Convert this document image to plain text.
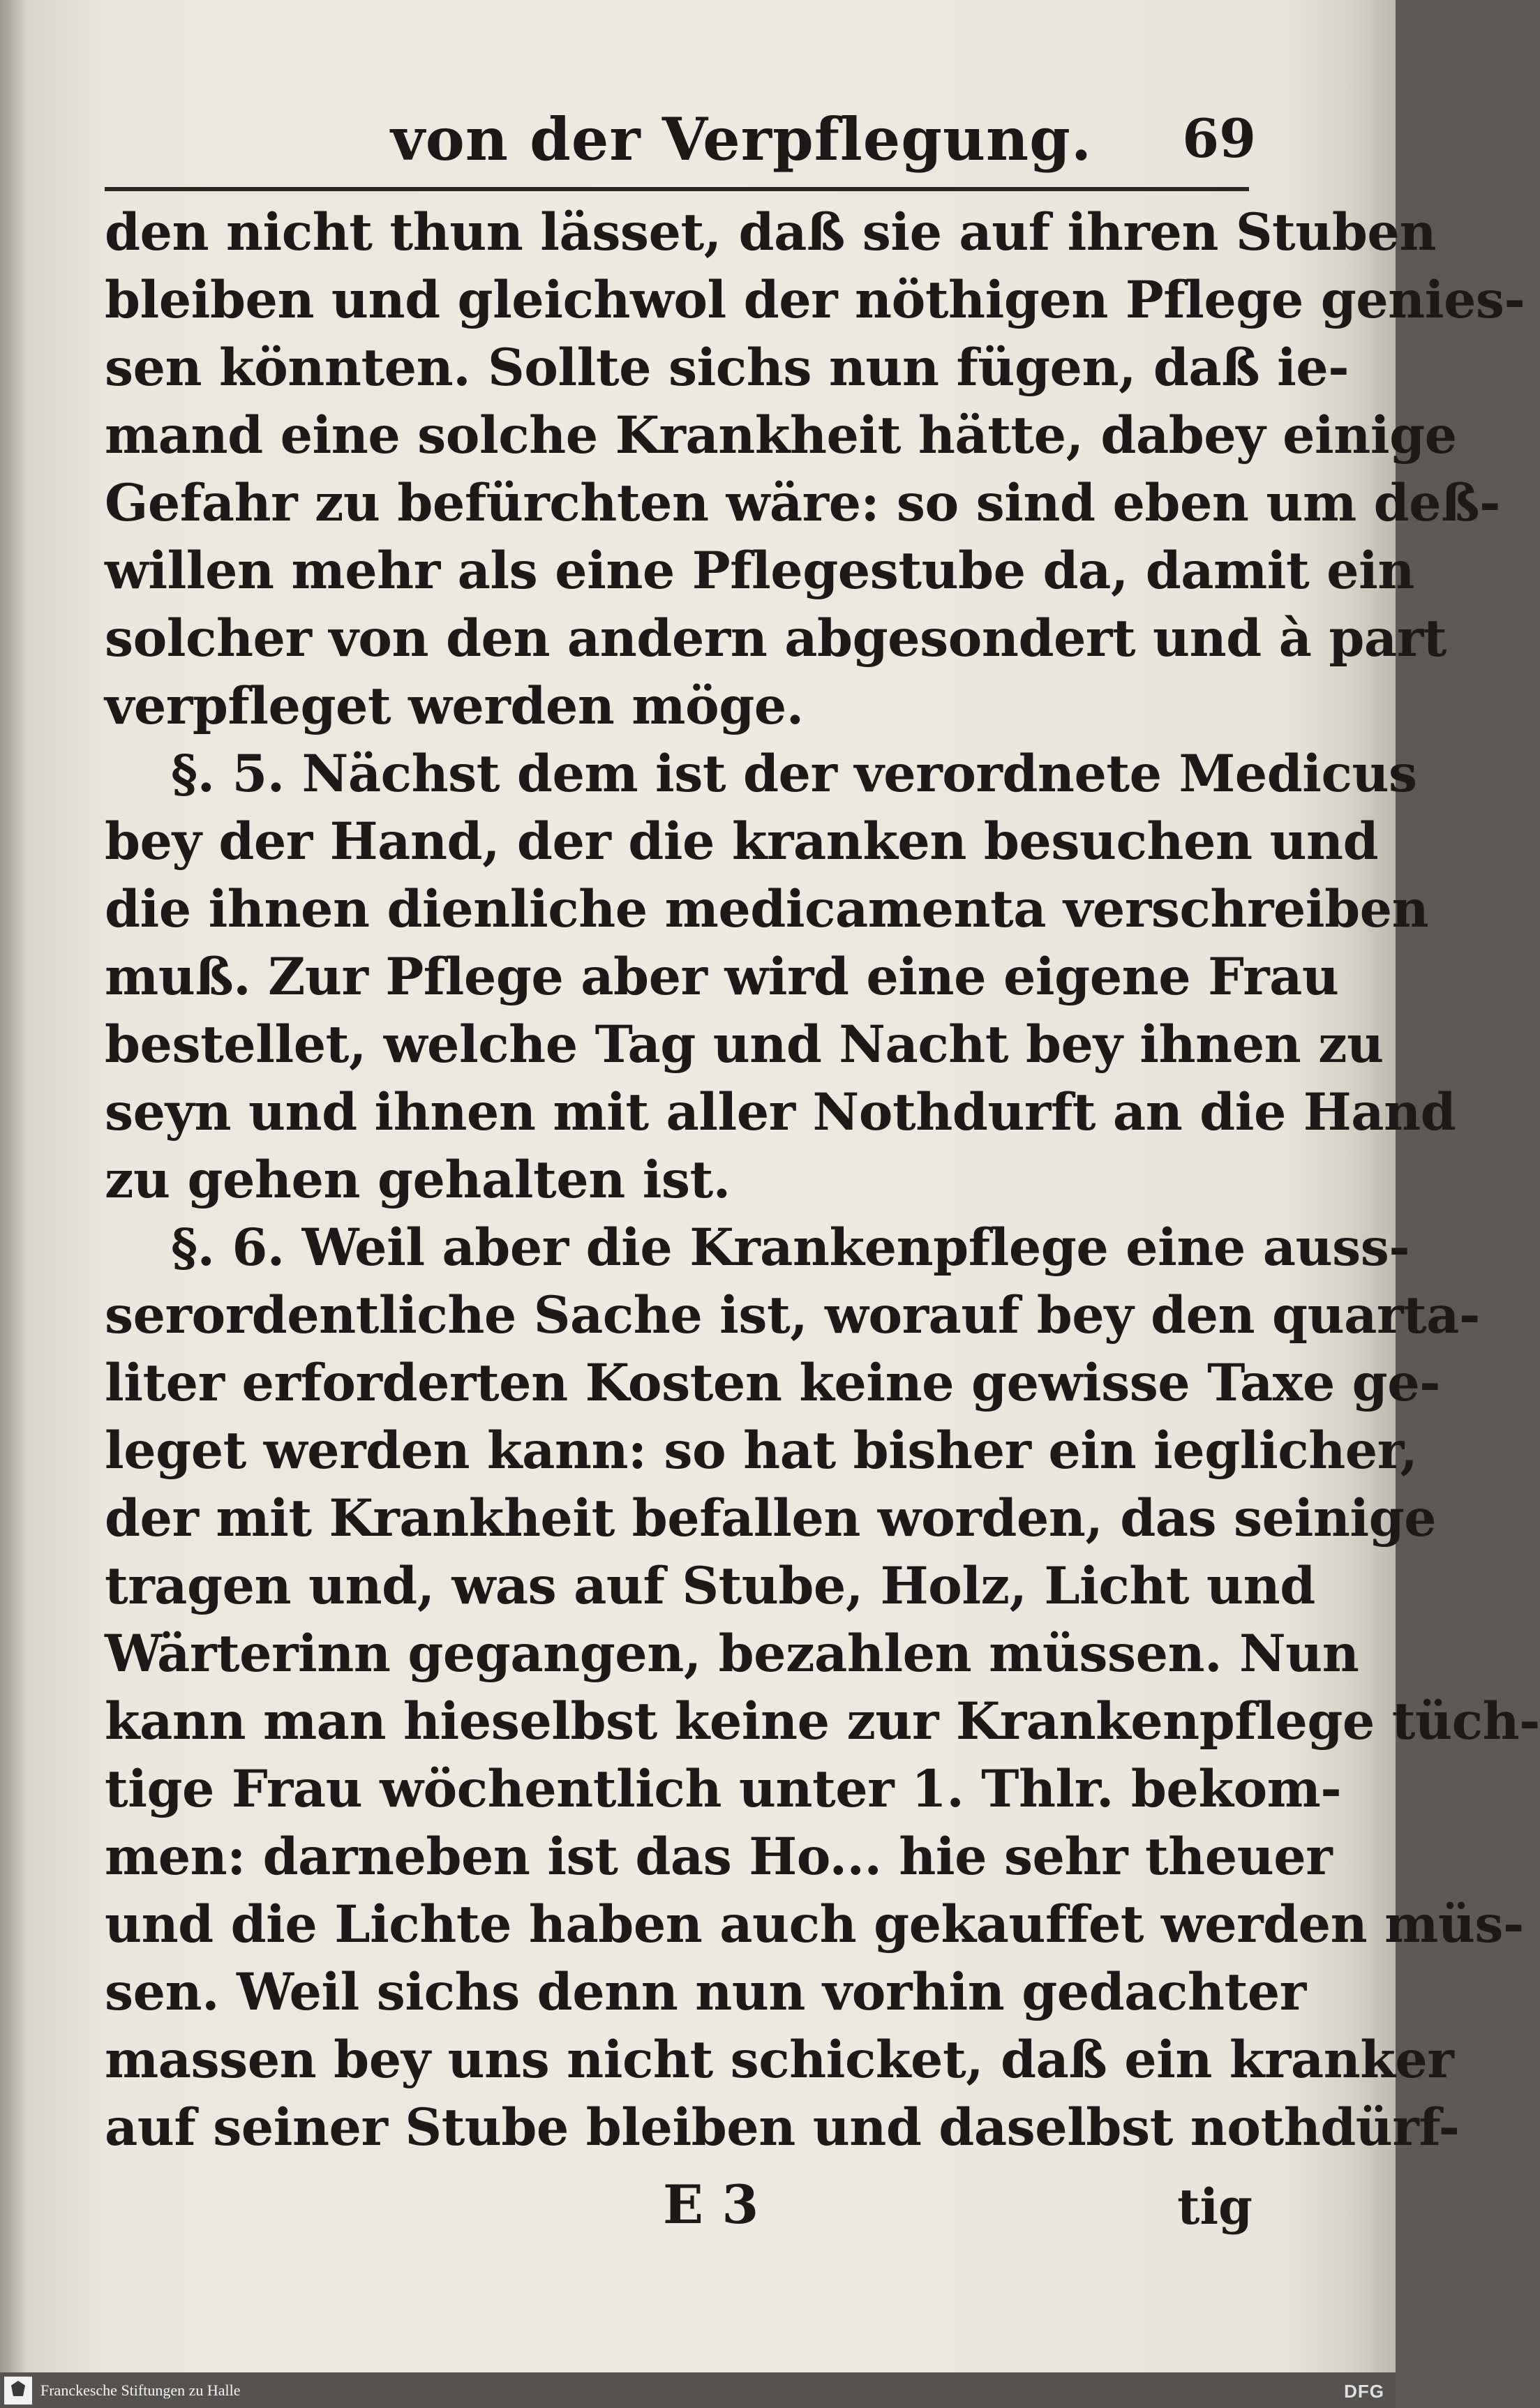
von der Verpflegung. 69
den nicht thun lässet, daß sie auf ihren Stuben
bleiben und gleichwol der nöthigen Pflege genies-
sen könnten. Sollte sichs nun fügen, daß ie-
mand eine solche Krankheit hätte, dabey einige
Gefahr zu befürchten wäre: so sind eben um deß-
willen mehr als eine Pflegestube da, damit ein
solcher von den andern abgesondert und à part
verpfleget werden möge.
§. 5. Nächst dem ist der verordnete Medicus
bey der Hand, der die kranken besuchen und
die ihnen dienliche medicamenta verschreiben
muß. Zur Pflege aber wird eine eigene Frau
bestellet, welche Tag und Nacht bey ihnen zu
seyn und ihnen mit aller Nothdurft an die Hand
zu gehen gehalten ist.
§. 6. Weil aber die Krankenpflege eine auss-
serordentliche Sache ist, worauf bey den quarta-
liter erforderten Kosten keine gewisse Taxe ge-
leget werden kann: so hat bisher ein ieglicher,
der mit Krankheit befallen worden, das seinige
tragen und, was auf Stube, Holz, Licht und
Wärterinn gegangen, bezahlen müssen. Nun
kann man hieselbst keine zur Krankenpflege tüch-
tige Frau wöchentlich unter 1. Thlr. bekom-
men: darneben ist das Ho... hie sehr theuer
und die Lichte haben auch gekauffet werden müs-
sen. Weil sichs denn nun vorhin gedachter
massen bey uns nicht schicket, daß ein kranker
auf seiner Stube bleiben und daselbst nothdürf-
E 3	tig
Franckesche Stiftungen zu Halle	DFG
